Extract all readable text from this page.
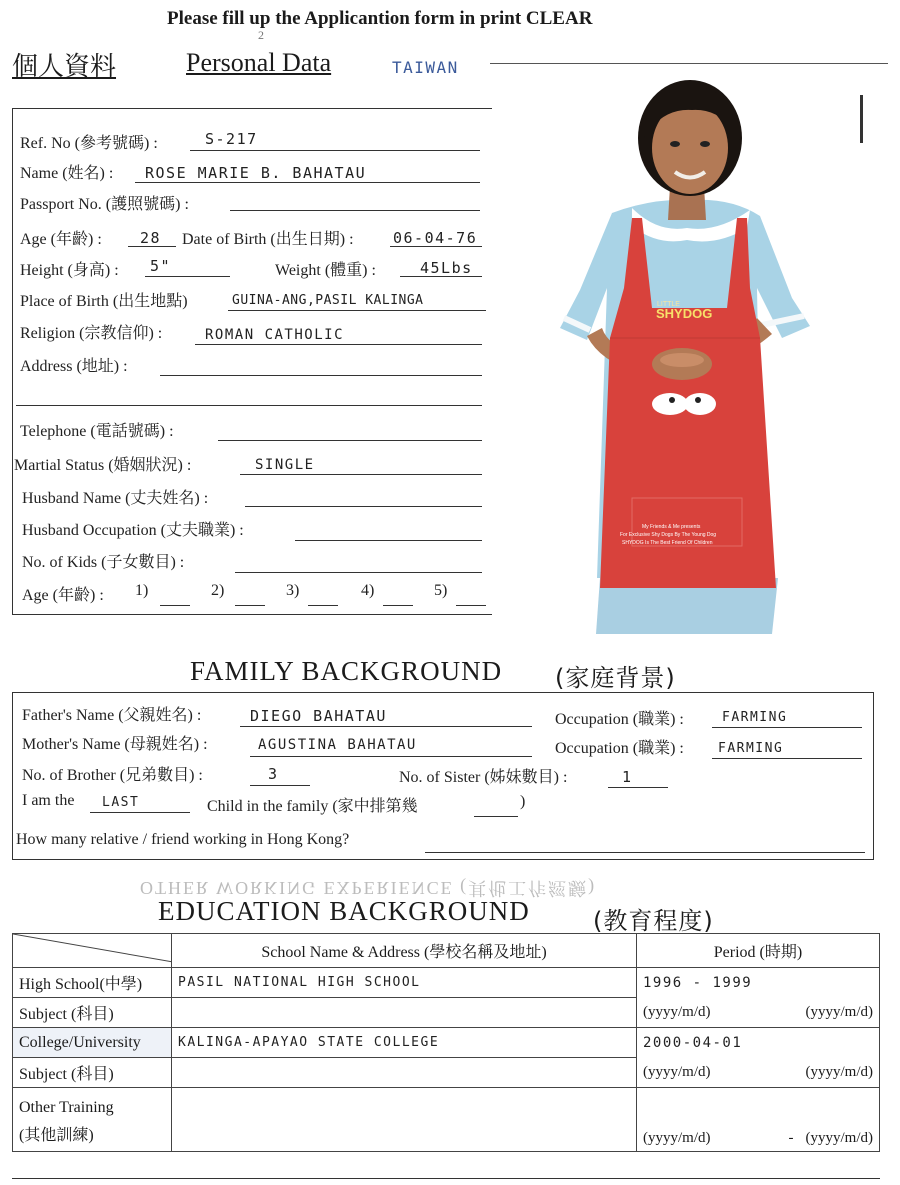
Please fill up the Applicantion form in print CLEAR
2
個人資料	Personal Data	TAIWAN
Ref. No (參考號碼) :	S-217
Name (姓名) : ROSE MARIE B. BAHATAU
Passport No. (護照號碼) :
Age (年齡) :	28 Date of Birth (出生日期) :	06-04-76
Height (身高) : 5"	Weight (體重) :	45Lbs
Place of Birth (出生地點)	GUINA-ANG,PASIL KALINGA
Religion (宗教信仰) :	ROMAN CATHOLIC
Address (地址) :
Telephone (電話號碼) :
Martial Status (婚姻狀況) :	SINGLE
Husband Name (丈夫姓名) :
Husband Occupation (丈夫職業) :
No. of Kids (子女數目) :
Age (年齡) : 1)	2)	3)	4)	5)
LITTLE
SHYDOG
My Friends & Me presents
For Exclusive Shy Dogs By The Young Dog
SHYDOG Is The Best Friend Of Children
FAMILY BACKGROUND (家庭背景)
Father's Name (父親姓名) :	DIEGO BAHATAU	Occupation (職業) :	FARMING
Mother's Name (母親姓名) :	AGUSTINA BAHATAU	Occupation (職業) :	FARMING
No. of Brother (兄弟數目) :	3	No. of Sister (姊妹數目) :	1
I am the LAST	Child in the family (家中排第幾	)
How many relative / friend working in Hong Kong?
OTHER WORKING EXPERIENCE (其他工作經驗)
EDUCATION BACKGROUND	(教育程度)
	School Name & Address (學校名稱及地址)	Period (時期)	
High School(中學)	PASIL NATIONAL HIGH SCHOOL	1996 - 1999	
Subject (科目)		(yyyy/m/d)	(yyyy/m/d)
College/University	KALINGA-APAYAO STATE COLLEGE	2000-04-01	
Subject (科目)		(yyyy/m/d)	(yyyy/m/d)
Other Training
(其他訓練)		(yyyy/m/d)	- (yyyy/m/d)
